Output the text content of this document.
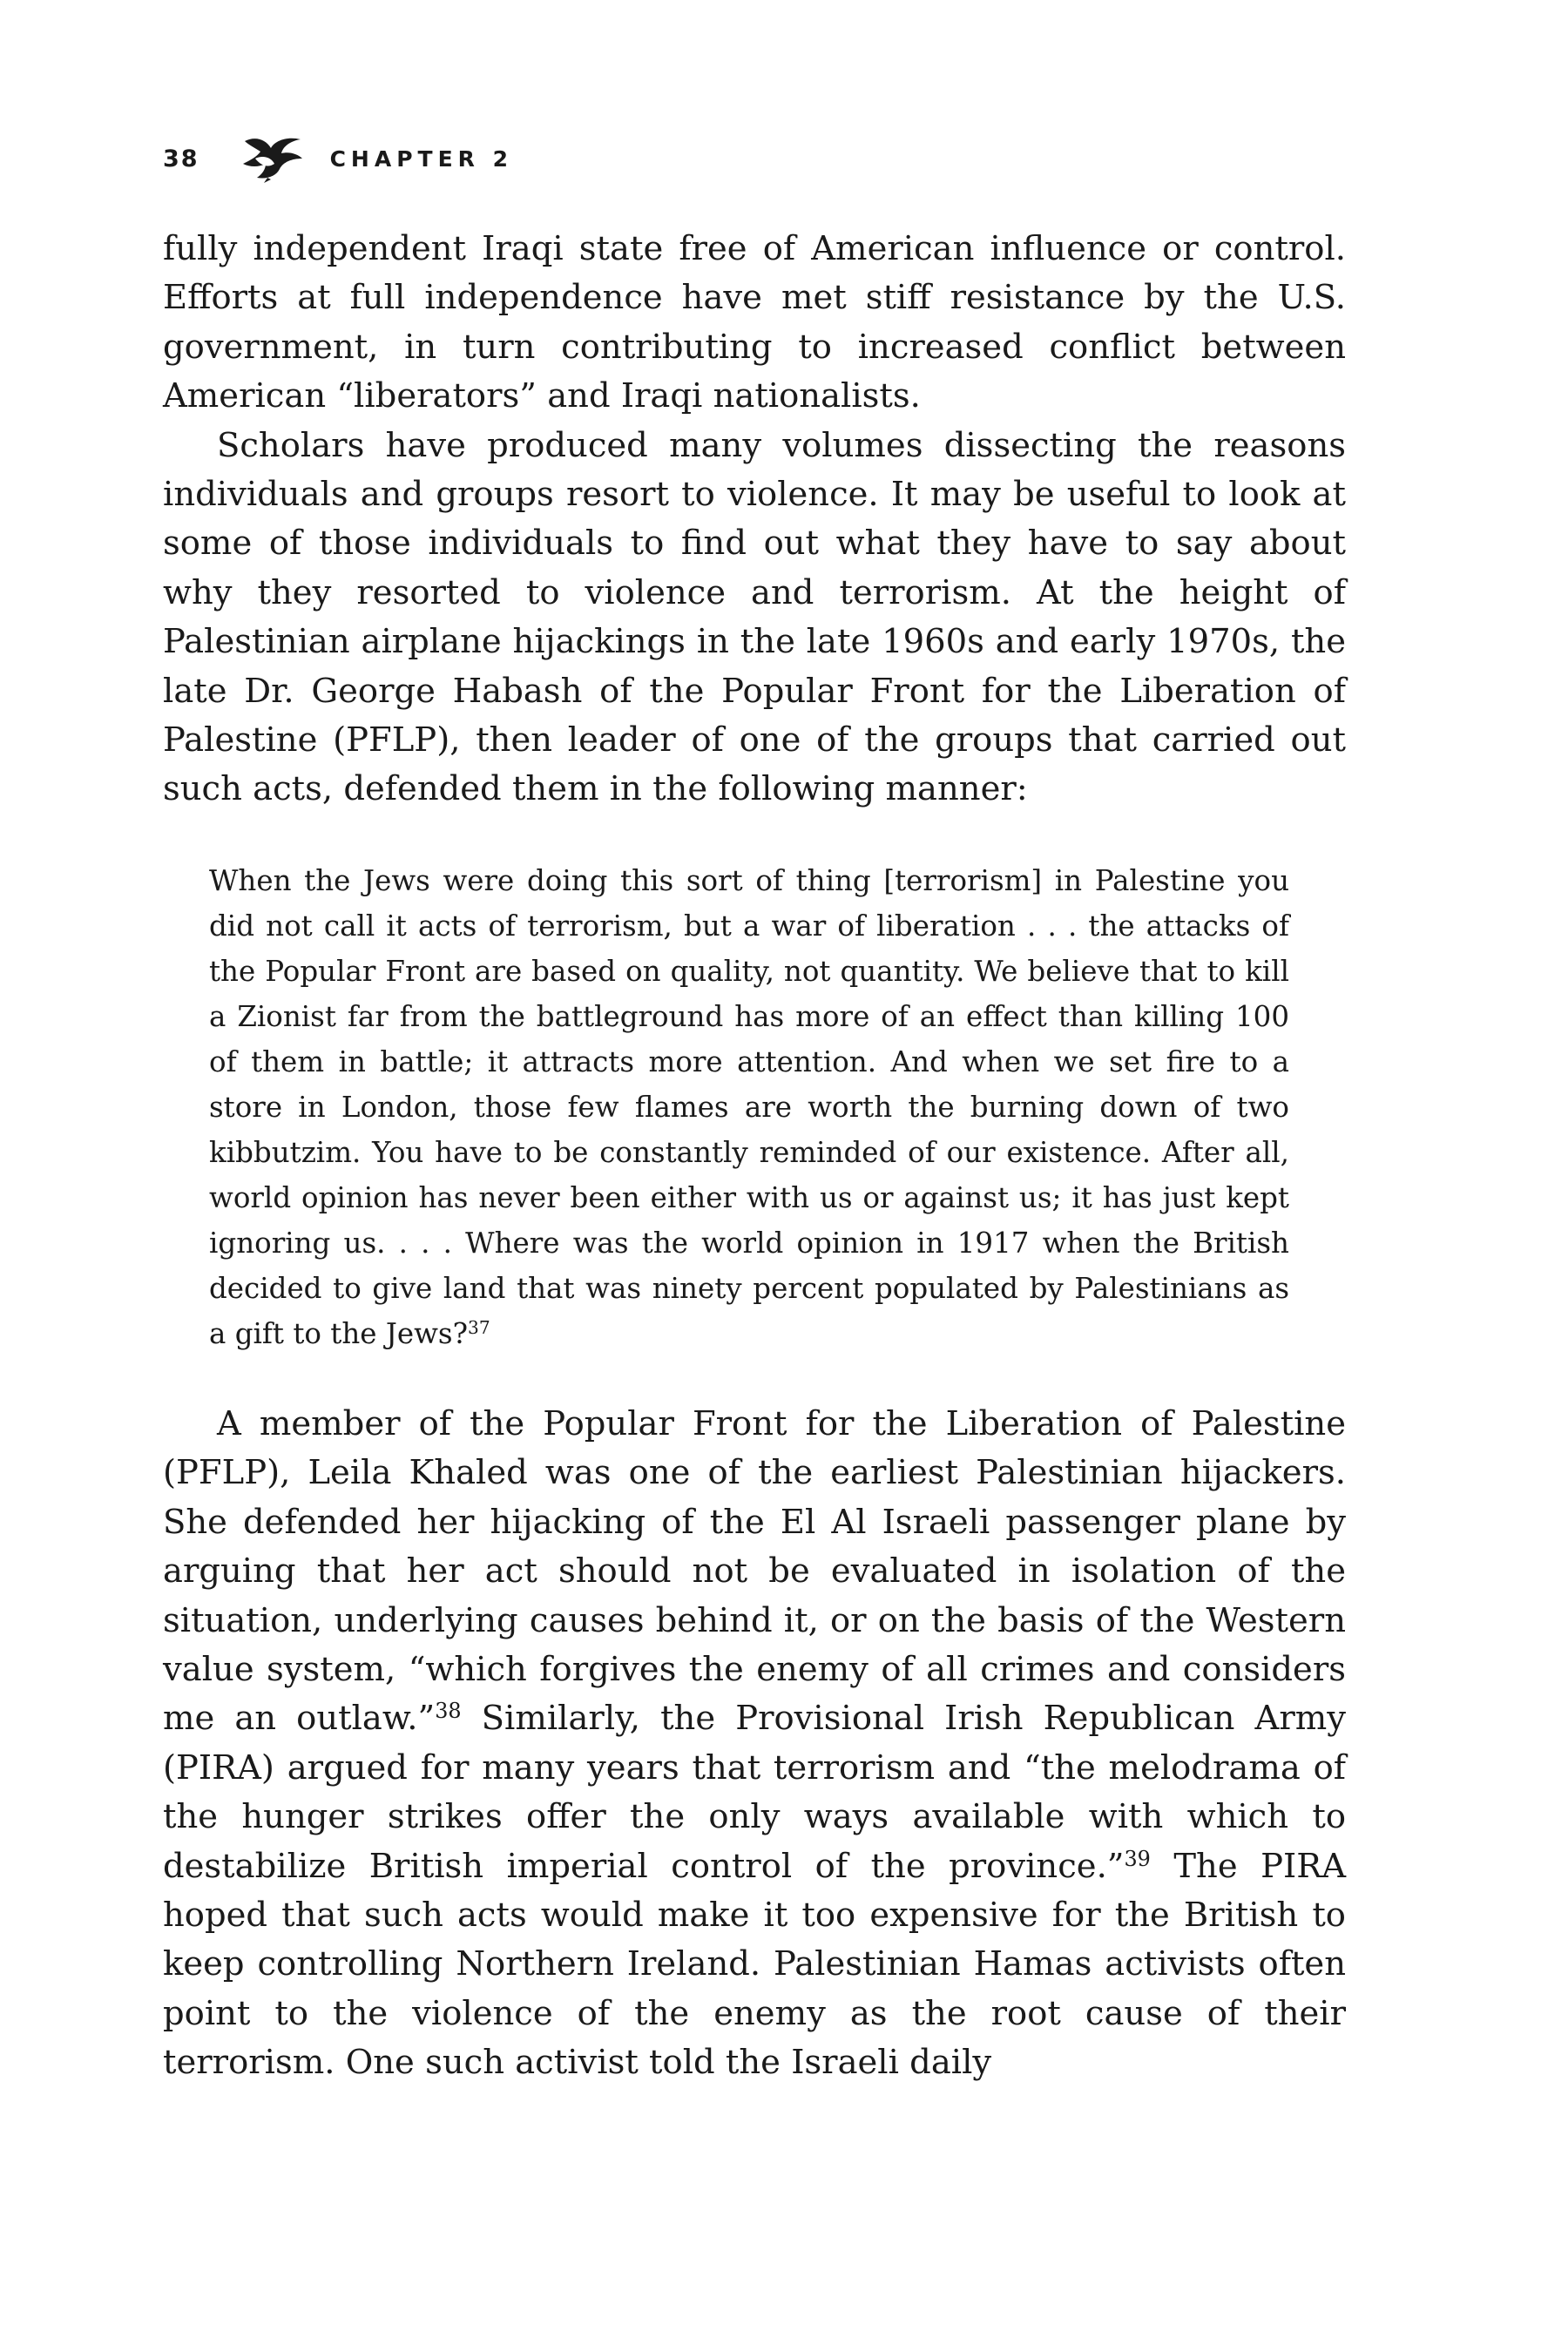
38	CHAPTER 2

fully independent Iraqi state free of American influence or control. Efforts at full independence have met stiff resistance by the U.S. government, in turn contributing to increased conflict between American “liberators” and Iraqi nationalists.

Scholars have produced many volumes dissecting the reasons individuals and groups resort to violence. It may be useful to look at some of those individuals to find out what they have to say about why they resorted to violence and terrorism. At the height of Palestinian airplane hijackings in the late 1960s and early 1970s, the late Dr. George Habash of the Popular Front for the Liberation of Palestine (PFLP), then leader of one of the groups that carried out such acts, defended them in the following manner:

When the Jews were doing this sort of thing [terrorism] in Palestine you did not call it acts of terrorism, but a war of liberation . . . the attacks of the Popular Front are based on quality, not quantity. We believe that to kill a Zionist far from the battleground has more of an effect than killing 100 of them in battle; it attracts more attention. And when we set fire to a store in London, those few flames are worth the burning down of two kibbutzim. You have to be constantly reminded of our existence. After all, world opinion has never been either with us or against us; it has just kept ignoring us. . . . Where was the world opinion in 1917 when the British decided to give land that was ninety percent populated by Palestinians as a gift to the Jews?$^{37}$

A member of the Popular Front for the Liberation of Palestine (PFLP), Leila Khaled was one of the earliest Palestinian hijackers. She defended her hijacking of the El Al Israeli passenger plane by arguing that her act should not be evaluated in isolation of the situation, underlying causes behind it, or on the basis of the Western value system, “which forgives the enemy of all crimes and considers me an outlaw.”$^{38}$ Similarly, the Provisional Irish Republican Army (PIRA) argued for many years that terrorism and “the melodrama of the hunger strikes offer the only ways available with which to destabilize British imperial control of the province.”$^{39}$ The PIRA hoped that such acts would make it too expensive for the British to keep controlling Northern Ireland. Palestinian Hamas activists often point to the violence of the enemy as the root cause of their terrorism. One such activist told the Israeli daily
